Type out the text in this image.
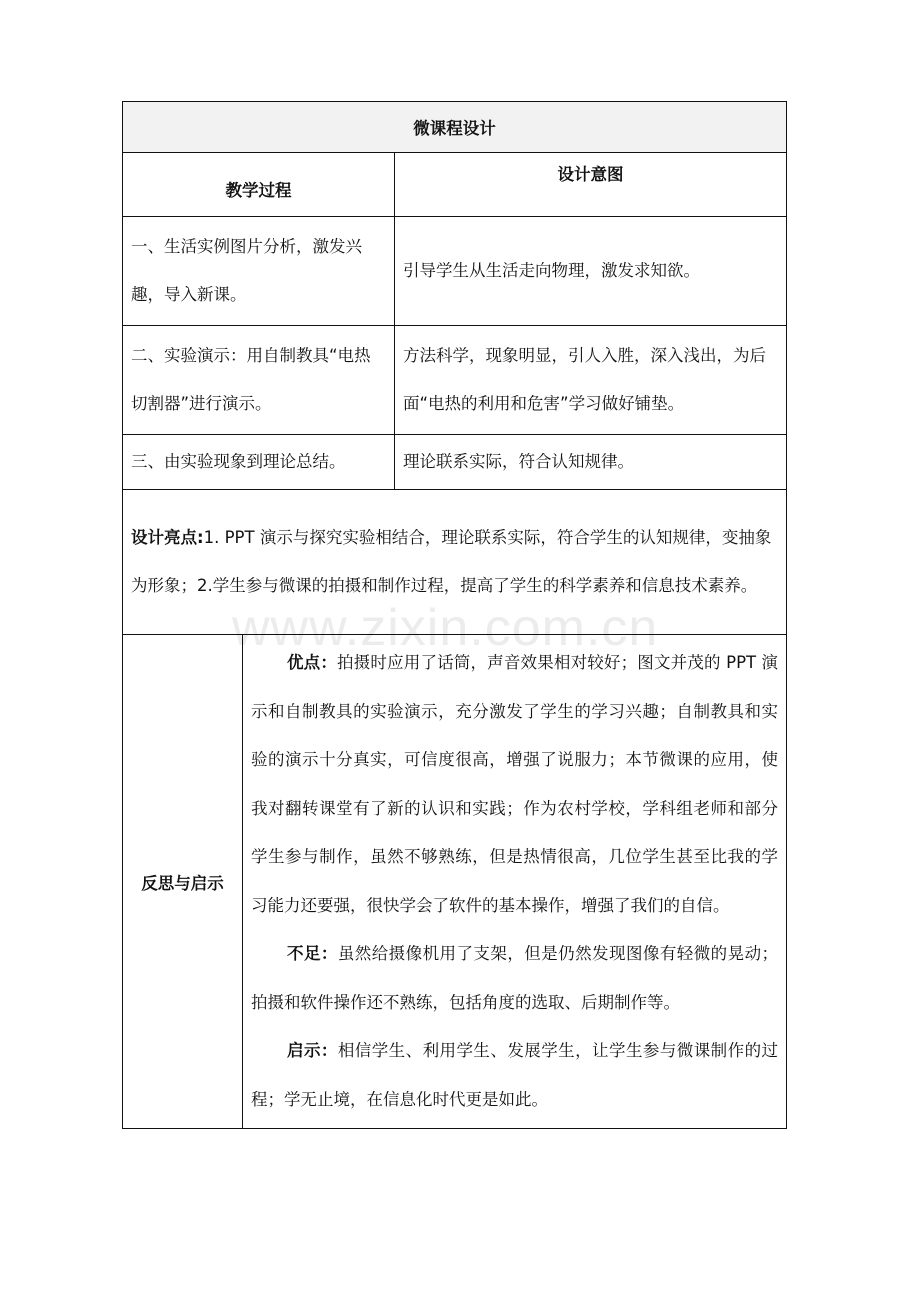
www.zixin.com.cn
微课程设计		
教学过程		设计意图
一、生活实例图片分析，激发兴趣，导入新课。		引导学生从生活走向物理，激发求知欲。
二、实验演示：用自制教具“电热切割器”进行演示。		方法科学，现象明显，引人入胜，深入浅出，为后面“电热的利用和危害”学习做好铺垫。
三、由实验现象到理论总结。		理论联系实际，符合认知规律。
设计亮点:1. PPT 演示与探究实验相结合，理论联系实际，符合学生的认知规律，变抽象为形象；2.学生参与微课的拍摄和制作过程，提高了学生的科学素养和信息技术素养。		
反思与启示	优点：拍摄时应用了话筒，声音效果相对较好；图文并茂的 PPT 演示和自制教具的实验演示，充分激发了学生的学习兴趣；自制教具和实验的演示十分真实，可信度很高，增强了说服力；本节微课的应用，使我对翻转课堂有了新的认识和实践；作为农村学校，学科组老师和部分学生参与制作，虽然不够熟练，但是热情很高，几位学生甚至比我的学习能力还要强，很快学会了软件的基本操作，增强了我们的自信。

不足：虽然给摄像机用了支架，但是仍然发现图像有轻微的晃动；拍摄和软件操作还不熟练，包括角度的选取、后期制作等。

启示：相信学生、利用学生、发展学生，让学生参与微课制作的过程；学无止境，在信息化时代更是如此。	
